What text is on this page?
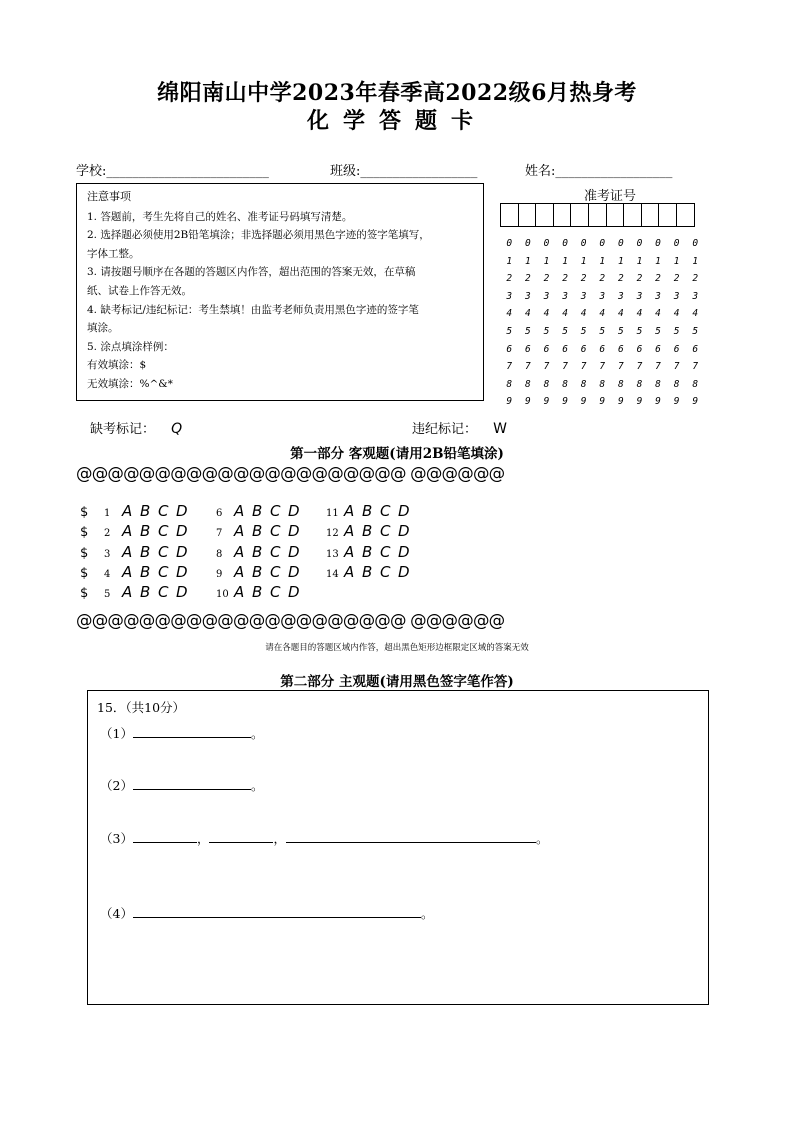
绵阳南山中学2023年春季高2022级6月热身考
化学答题卡
学校:_________________________	班级:__________________	姓名:__________________
注意事项
1. 答题前，考生先将自己的姓名、准考证号码填写清楚。
2. 选择题必须使用2B铅笔填涂；非选择题必须用黑色字迹的签字笔填写，
字体工整。
3. 请按题号顺序在各题的答题区内作答，超出范围的答案无效，在草稿
纸、试卷上作答无效。
4. 缺考标记/违纪标记：考生禁填！由监考老师负责用黑色字迹的签字笔
填涂。
5. 涂点填涂样例：
有效填涂：$
无效填涂：%^&*
准考证号
0	0	0	0	0	0	0	0	0	0	0
1	1	1	1	1	1	1	1	1	1	1
2	2	2	2	2	2	2	2	2	2	2
3	3	3	3	3	3	3	3	3	3	3
4	4	4	4	4	4	4	4	4	4	4
5	5	5	5	5	5	5	5	5	5	5
6	6	6	6	6	6	6	6	6	6	6
7	7	7	7	7	7	7	7	7	7	7
8	8	8	8	8	8	8	8	8	8	8
9	9	9	9	9	9	9	9	9	9	9
缺考标记： Q	违纪标记： W
第一部分 客观题(请用2B铅笔填涂)
@@@@@@@@@@@@@@@@@@@@@ @@@@@@
$	1 A B C D
$	2 A B C D
$	3 A B C D
$	4 A B C D
$	5 A B C D
6 A B C D
7 A B C D
8 A B C D
9 A B C D
10 A B C D
11 A B C D
12 A B C D
13 A B C D
14 A B C D
@@@@@@@@@@@@@@@@@@@@@ @@@@@@
请在各题目的答题区域内作答，超出黑色矩形边框限定区域的答案无效
第二部分 主观题(请用黑色签字笔作答)
15．（共10分）
（1）	。
（2）	。
（3）	，	，	。
（4）	。
